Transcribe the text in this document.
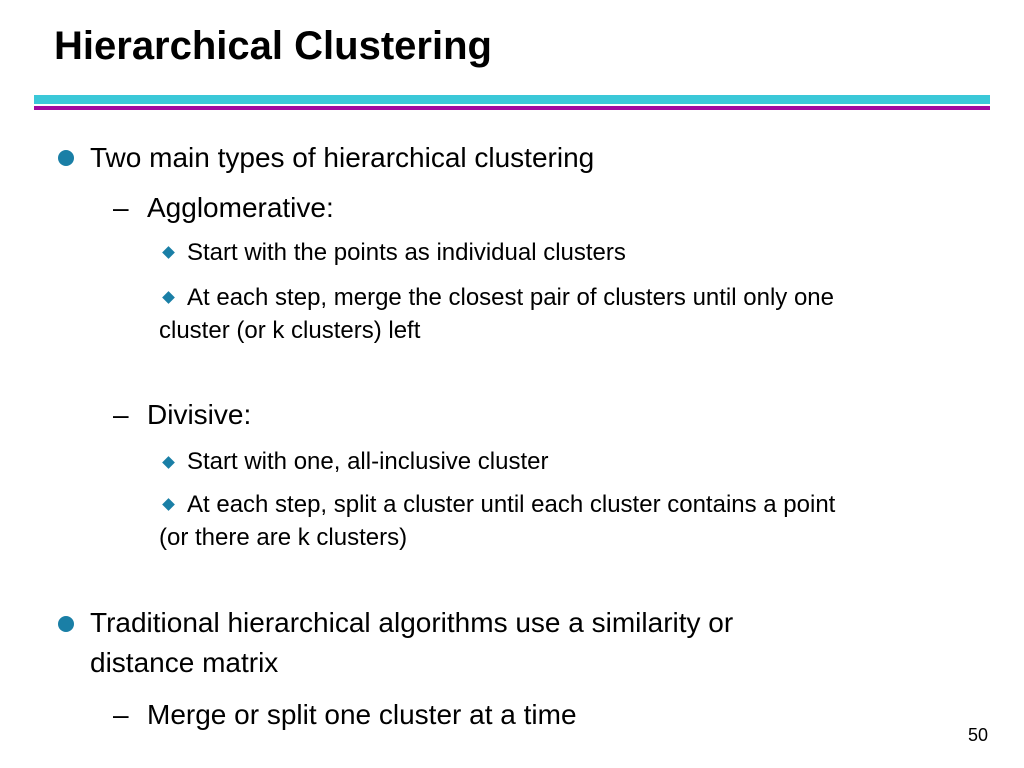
Hierarchical Clustering

Two main types of hierarchical clustering

– Agglomerative:

Start with the points as individual clusters

At each step, merge the closest pair of clusters until only one

cluster (or k clusters) left

– Divisive:

Start with one, all-inclusive cluster

At each step, split a cluster until each cluster contains a point

(or there are k clusters)

Traditional hierarchical algorithms use a similarity or

distance matrix

– Merge or split one cluster at a time

50
